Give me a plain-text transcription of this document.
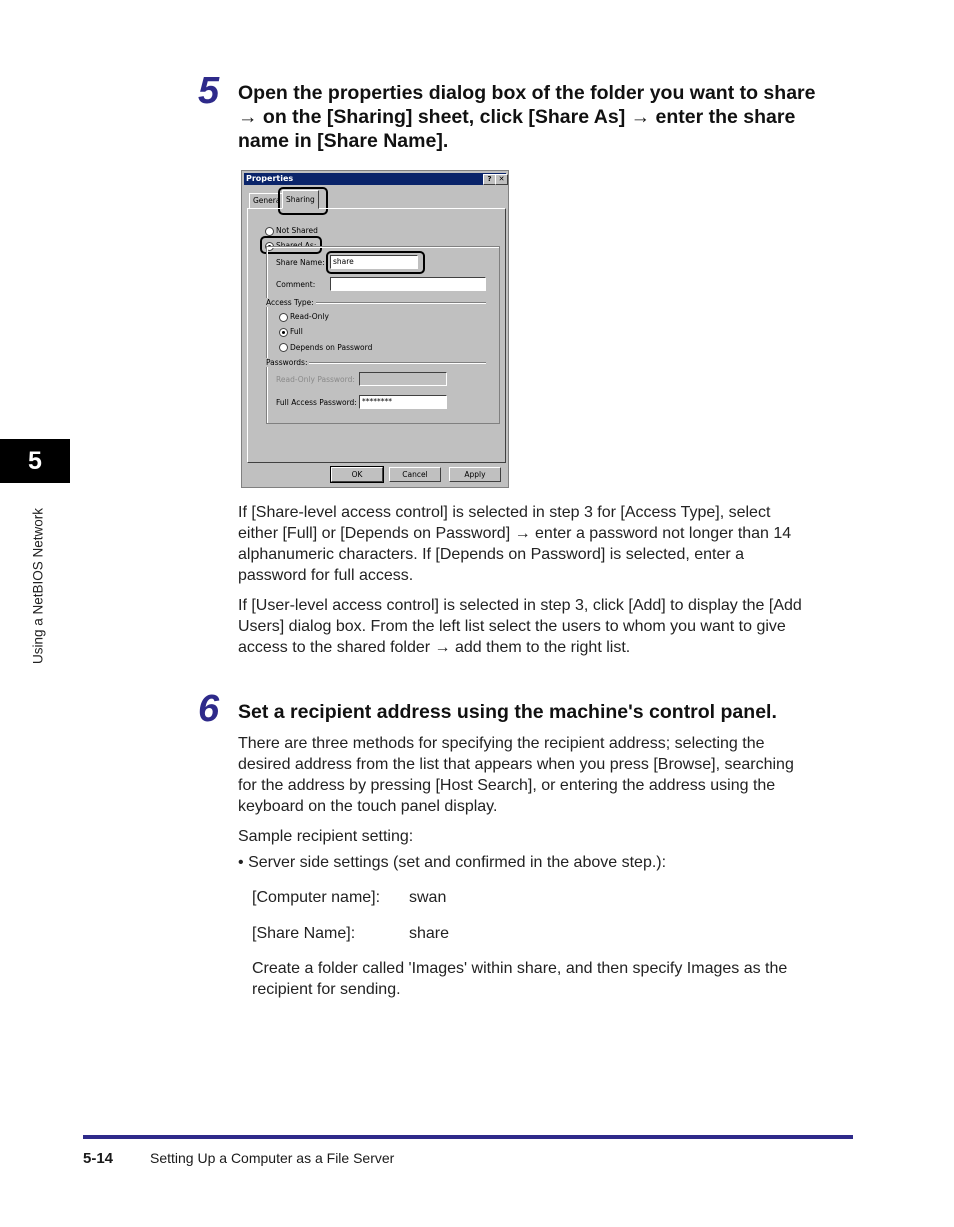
5
Using a NetBIOS Network
5 Open the properties dialog box of the folder you want to share
→ on the [Sharing] sheet, click [Share As] → enter the share
name in [Share Name].
Properties	?	✕
Genera Sharing
Not Shared
Shared As:
Share Name:	share
Comment:
Access Type:
Read-Only
Full
Depends on Password
Passwords:
Read-Only Password:
Full Access Password: ********
OK	Cancel	Apply
If [Share-level access control] is selected in step 3 for [Access Type], select
either [Full] or [Depends on Password] → enter a password not longer than 14
alphanumeric characters. If [Depends on Password] is selected, enter a
password for full access.
If [User-level access control] is selected in step 3, click [Add] to display the [Add
Users] dialog box. From the left list select the users to whom you want to give
access to the shared folder → add them to the right list.
6 Set a recipient address using the machine's control panel.
There are three methods for specifying the recipient address; selecting the
desired address from the list that appears when you press [Browse], searching
for the address by pressing [Host Search], or entering the address using the
keyboard on the touch panel display.
Sample recipient setting:
• Server side settings (set and confirmed in the above step.):
[Computer name]: swan
[Share Name]:	share
Create a folder called 'Images' within share, and then specify Images as the
recipient for sending.
5-14	Setting Up a Computer as a File Server
